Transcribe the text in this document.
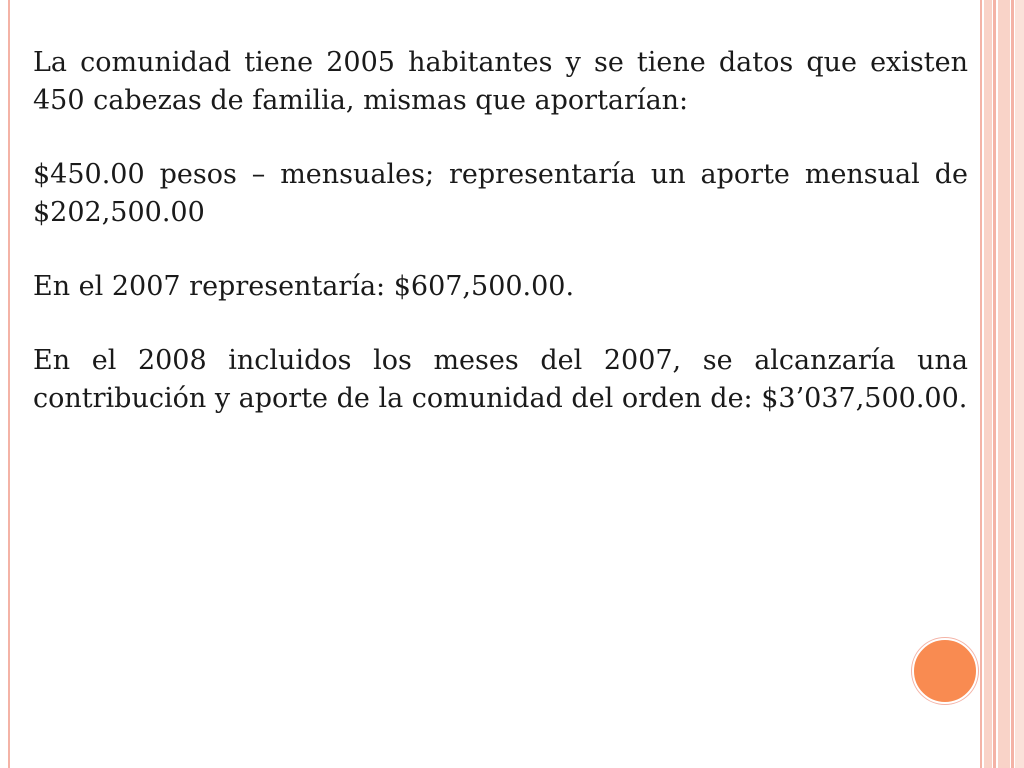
La comunidad tiene 2005 habitantes y se tiene datos que existen 450 cabezas de familia, mismas que aportarían:

$450.00 pesos – mensuales; representaría un aporte mensual de $202,500.00

En el 2007 representaría: $607,500.00.

En el 2008 incluidos los meses del 2007, se alcanzaría una contribución y aporte de la comunidad del orden de: $3’037,500.00.
